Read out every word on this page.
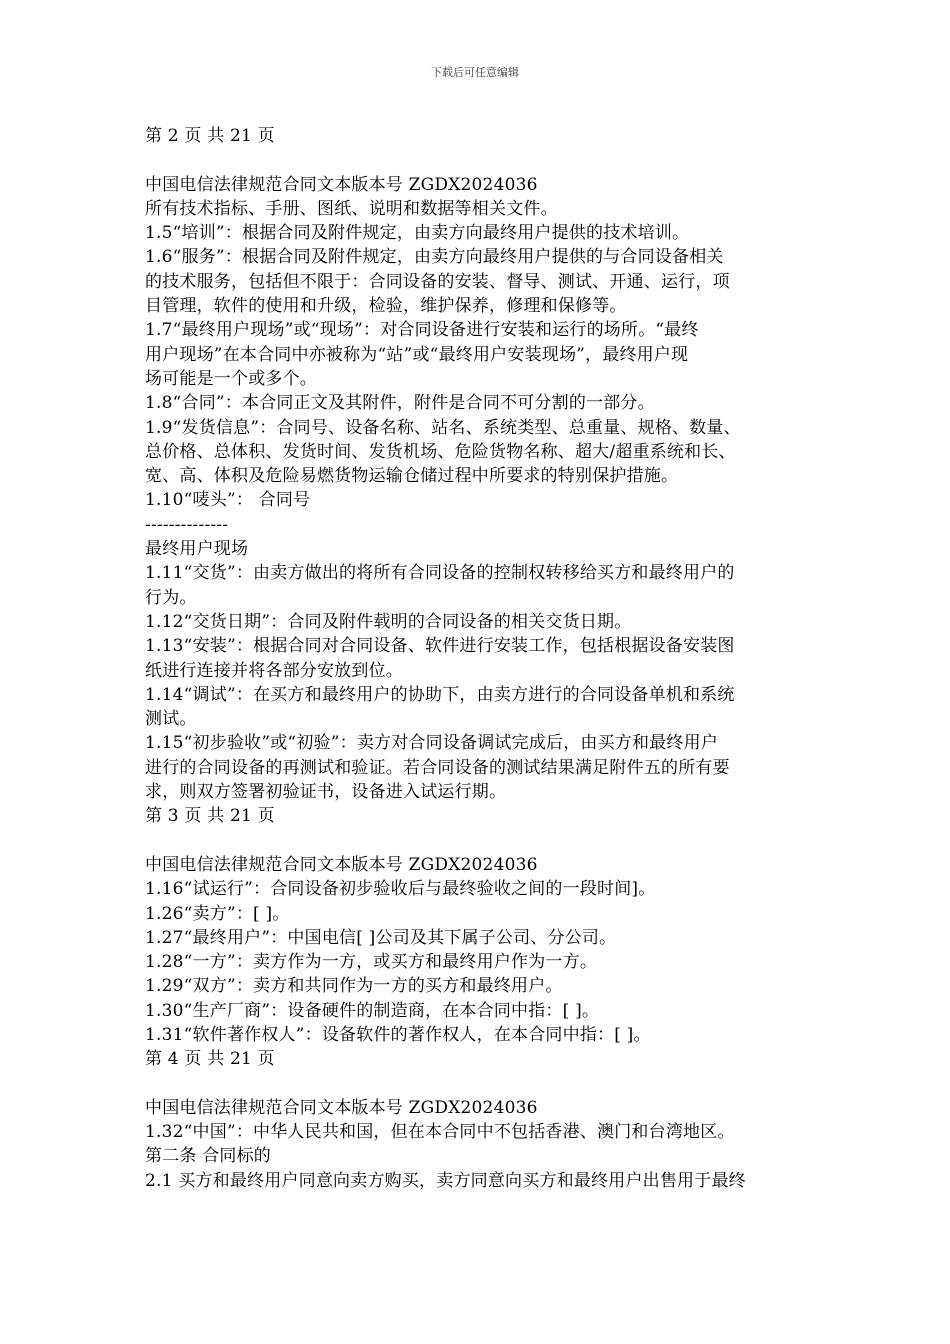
下载后可任意编辑
第 2 页 共 21 页
中国电信法律规范合同文本版本号 ZGDX2024036
所有技术指标、手册、图纸、说明和数据等相关文件。
1.5“培训”：根据合同及附件规定，由卖方向最终用户提供的技术培训。
1.6“服务”：根据合同及附件规定，由卖方向最终用户提供的与合同设备相关
的技术服务，包括但不限于：合同设备的安装、督导、测试、开通、运行，项
目管理，软件的使用和升级，检验，维护保养，修理和保修等。
1.7“最终用户现场”或“现场”：对合同设备进行安装和运行的场所。“最终
用户现场”在本合同中亦被称为“站”或“最终用户安装现场”，最终用户现
场可能是一个或多个。
1.8“合同”：本合同正文及其附件，附件是合同不可分割的一部分。
1.9“发货信息”：合同号、设备名称、站名、系统类型、总重量、规格、数量、
总价格、总体积、发货时间、发货机场、危险货物名称、超大/超重系统和长、
宽、高、体积及危险易燃货物运输仓储过程中所要求的特别保护措施。
1.10“唛头”： 合同号
--------------
最终用户现场
1.11“交货”：由卖方做出的将所有合同设备的控制权转移给买方和最终用户的
行为。
1.12“交货日期”：合同及附件载明的合同设备的相关交货日期。
1.13“安装”：根据合同对合同设备、软件进行安装工作，包括根据设备安装图
纸进行连接并将各部分安放到位。
1.14“调试”：在买方和最终用户的协助下，由卖方进行的合同设备单机和系统
测试。
1.15“初步验收”或“初验”：卖方对合同设备调试完成后，由买方和最终用户
进行的合同设备的再测试和验证。若合同设备的测试结果满足附件五的所有要
求，则双方签署初验证书，设备进入试运行期。
第 3 页 共 21 页
中国电信法律规范合同文本版本号 ZGDX2024036
1.16“试运行”：合同设备初步验收后与最终验收之间的一段时间]。
1.26“卖方”：[ ]。
1.27“最终用户”：中国电信[ ]公司及其下属子公司、分公司。
1.28“一方”：卖方作为一方，或买方和最终用户作为一方。
1.29“双方”：卖方和共同作为一方的买方和最终用户。
1.30“生产厂商”：设备硬件的制造商，在本合同中指：[ ]。
1.31“软件著作权人”：设备软件的著作权人，在本合同中指：[ ]。
第 4 页 共 21 页
中国电信法律规范合同文本版本号 ZGDX2024036
1.32“中国”：中华人民共和国，但在本合同中不包括香港、澳门和台湾地区。
第二条 合同标的
2.1 买方和最终用户同意向卖方购买，卖方同意向买方和最终用户出售用于最终
